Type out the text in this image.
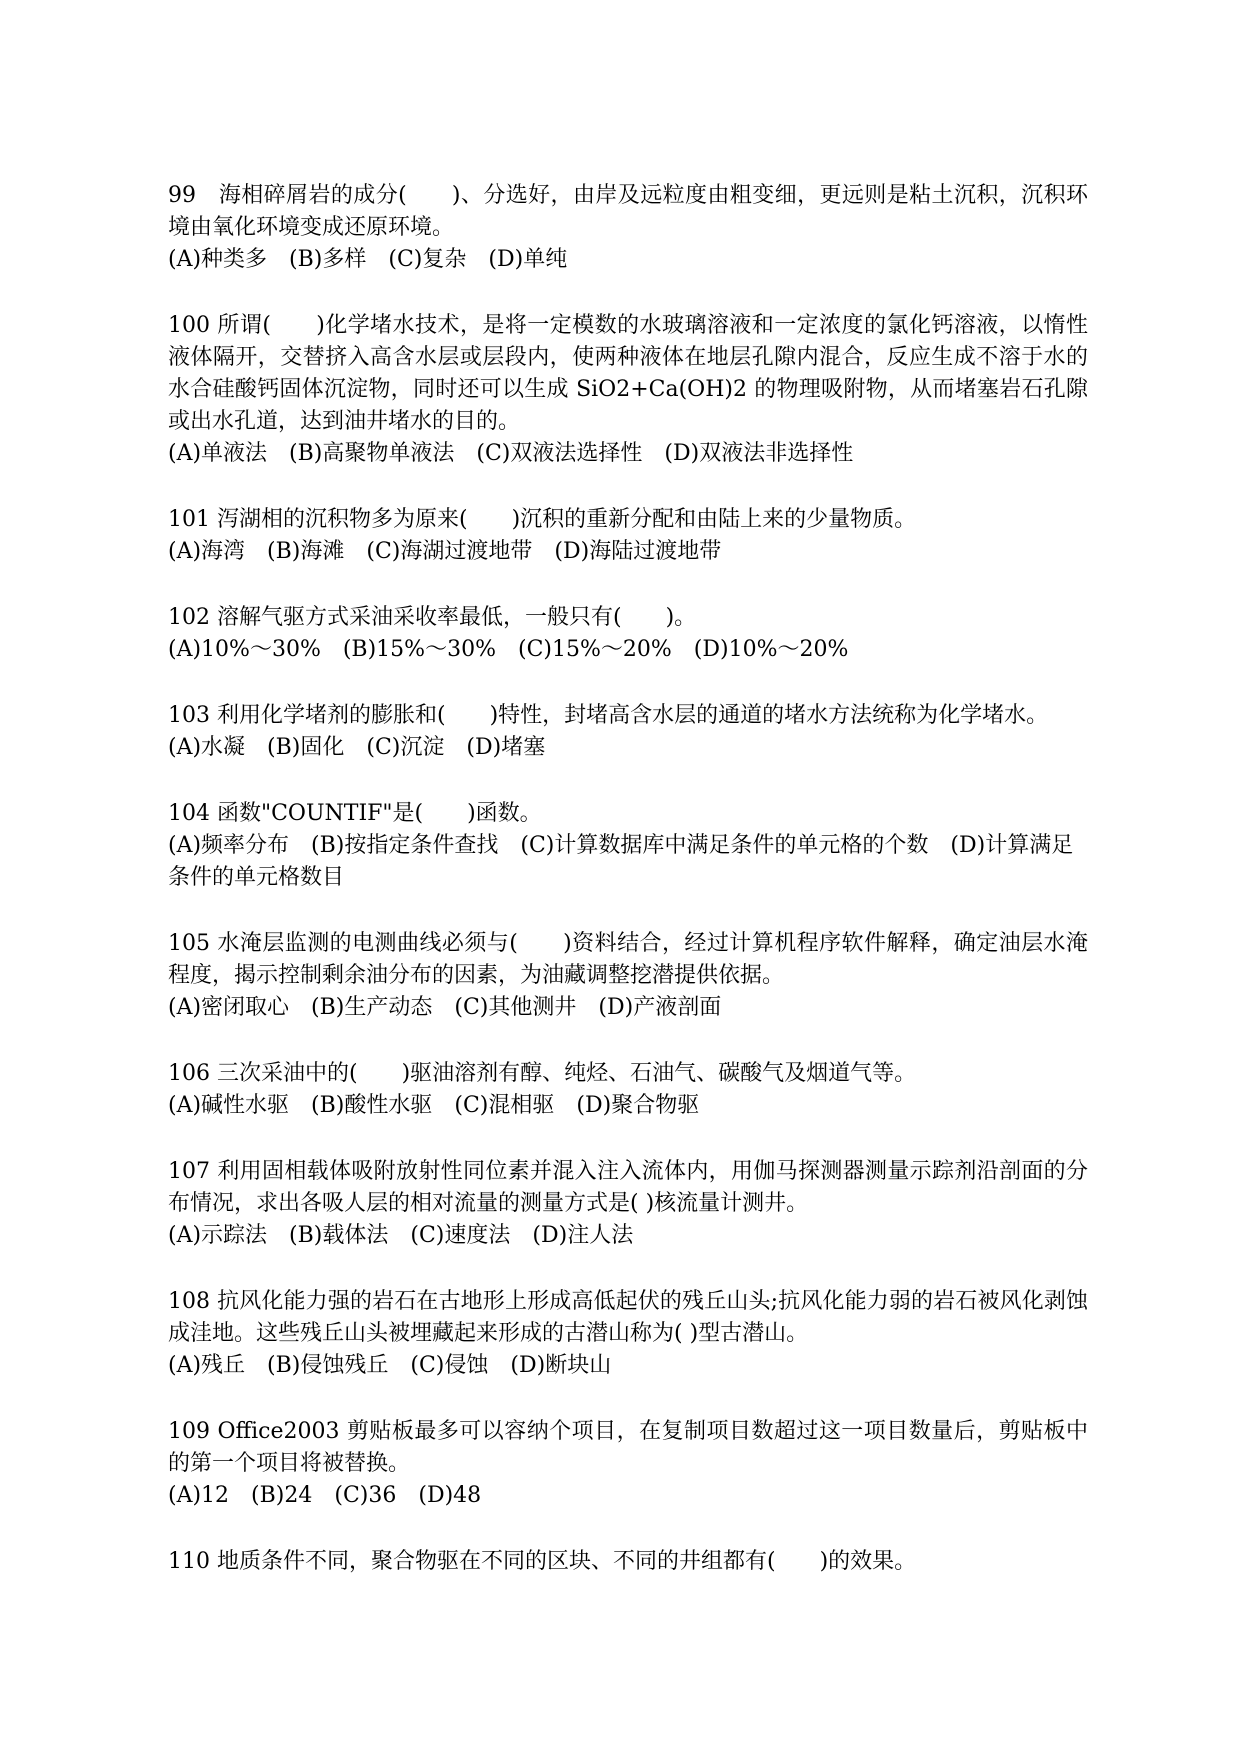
99　海相碎屑岩的成分(　　)、分选好，由岸及远粒度由粗变细，更远则是粘土沉积，沉积环境由氧化环境变成还原环境。

(A)种类多　(B)多样　(C)复杂　(D)单纯

100 所谓(　　)化学堵水技术，是将一定模数的水玻璃溶液和一定浓度的氯化钙溶液，以惰性液体隔开，交替挤入高含水层或层段内，使两种液体在地层孔隙内混合，反应生成不溶于水的水合硅酸钙固体沉淀物，同时还可以生成 SiO2+Ca(OH)2 的物理吸附物，从而堵塞岩石孔隙或出水孔道，达到油井堵水的目的。

(A)单液法　(B)高聚物单液法　(C)双液法选择性　(D)双液法非选择性

101 泻湖相的沉积物多为原来(　　)沉积的重新分配和由陆上来的少量物质。

(A)海湾　(B)海滩　(C)海湖过渡地带　(D)海陆过渡地带

102 溶解气驱方式采油采收率最低，一般只有(　　)。

(A)10%～30%　(B)15%～30%　(C)15%～20%　(D)10%～20%

103 利用化学堵剂的膨胀和(　　)特性，封堵高含水层的通道的堵水方法统称为化学堵水。

(A)水凝　(B)固化　(C)沉淀　(D)堵塞

104 函数"COUNTIF"是(　　)函数。

(A)频率分布　(B)按指定条件查找　(C)计算数据库中满足条件的单元格的个数　(D)计算满足条件的单元格数目

105 水淹层监测的电测曲线必须与(　　)资料结合，经过计算机程序软件解释，确定油层水淹程度，揭示控制剩余油分布的因素，为油藏调整挖潜提供依据。

(A)密闭取心　(B)生产动态　(C)其他测井　(D)产液剖面

106 三次采油中的(　　)驱油溶剂有醇、纯烃、石油气、碳酸气及烟道气等。

(A)碱性水驱　(B)酸性水驱　(C)混相驱　(D)聚合物驱

107 利用固相载体吸附放射性同位素并混入注入流体内，用伽马探测器测量示踪剂沿剖面的分布情况，求出各吸人层的相对流量的测量方式是( )核流量计测井。

(A)示踪法　(B)载体法　(C)速度法　(D)注人法

108 抗风化能力强的岩石在古地形上形成高低起伏的残丘山头;抗风化能力弱的岩石被风化剥蚀成洼地。这些残丘山头被埋藏起来形成的古潜山称为( )型古潜山。

(A)残丘　(B)侵蚀残丘　(C)侵蚀　(D)断块山

109 Office2003 剪贴板最多可以容纳个项目，在复制项目数超过这一项目数量后，剪贴板中的第一个项目将被替换。

(A)12　(B)24　(C)36　(D)48

110 地质条件不同，聚合物驱在不同的区块、不同的井组都有(　　)的效果。
